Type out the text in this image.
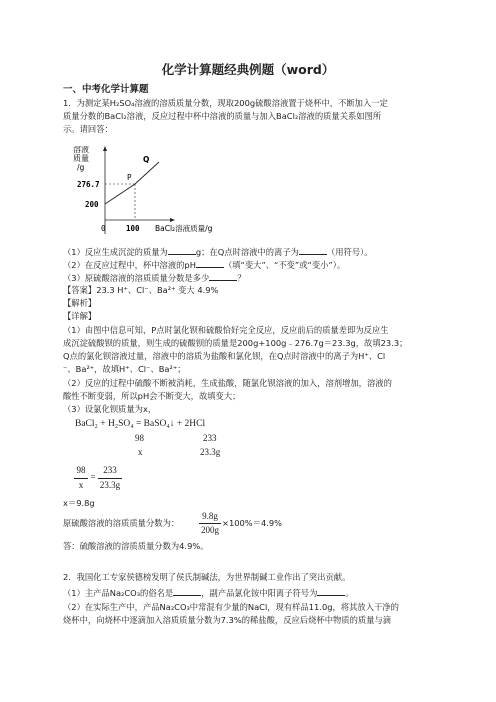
化学计算题经典例题（word）
一、中考化学计算题
1．为测定某H₂SO₄溶液的溶质质量分数，现取200g硫酸溶液置于烧杯中，不断加入一定
质量分数的BaCl₂溶液，反应过程中杯中溶液的质量与加入BaCl₂溶液的质量关系如图所
示。请回答：
溶液
质量
/g
276.7
200
0	100 BaCl₂溶液质量/g
P
Q
（1）反应生成沉淀的质量为	g；在Q点时溶液中的离子为	（用符号）。
（2）在反应过程中，杯中溶液的pH	（填“变大”、“不变”或“变小”）。
（3）原硫酸溶液的溶质质量分数是多少	？
【答案】23.3 H⁺、Cl⁻、Ba²⁺ 变大 4.9%
【解析】
【详解】
（1）由图中信息可知，P点时氯化钡和硫酸恰好完全反应，反应前后的质量差即为反应生
成沉淀硫酸钡的质量，则生成的硫酸钡的质量是200g+100g﹣276.7g＝23.3g，故填23.3；
Q点的氯化钡溶液过量，溶液中的溶质为盐酸和氯化钡，在Q点时溶液中的离子为H⁺、Cl
⁻、Ba²⁺，故填H⁺、Cl⁻、Ba²⁺；
（2）反应的过程中硫酸不断被消耗，生成盐酸，随氯化钡溶液的加入，溶剂增加，溶液的
酸性不断变弱，所以pH会不断变大，故填变大；
（3）设氯化钡质量为x，
BaCl₂ + H₂SO₄ = BaSO₄↓ + 2HCl
98	233
x	23.3g
98
x
=
233
23.3g
x＝9.8g
原硫酸溶液的溶质质量分数为：
9.8g
200g
×100%＝4.9%
答：硫酸溶液的溶质质量分数为4.9%。
2．我国化工专家侯德榜发明了侯氏制碱法，为世界制碱工业作出了突出贡献。
（1）主产品Na₂CO₃的俗名是	，副产品氯化铵中阳离子符号为	。
（2）在实际生产中，产品Na₂CO₃中常混有少量的NaCl，现有样品11.0g，将其放入干净的
烧杯中，向烧杯中逐滴加入溶质质量分数为7.3%的稀盐酸，反应后烧杯中物质的质量与滴
